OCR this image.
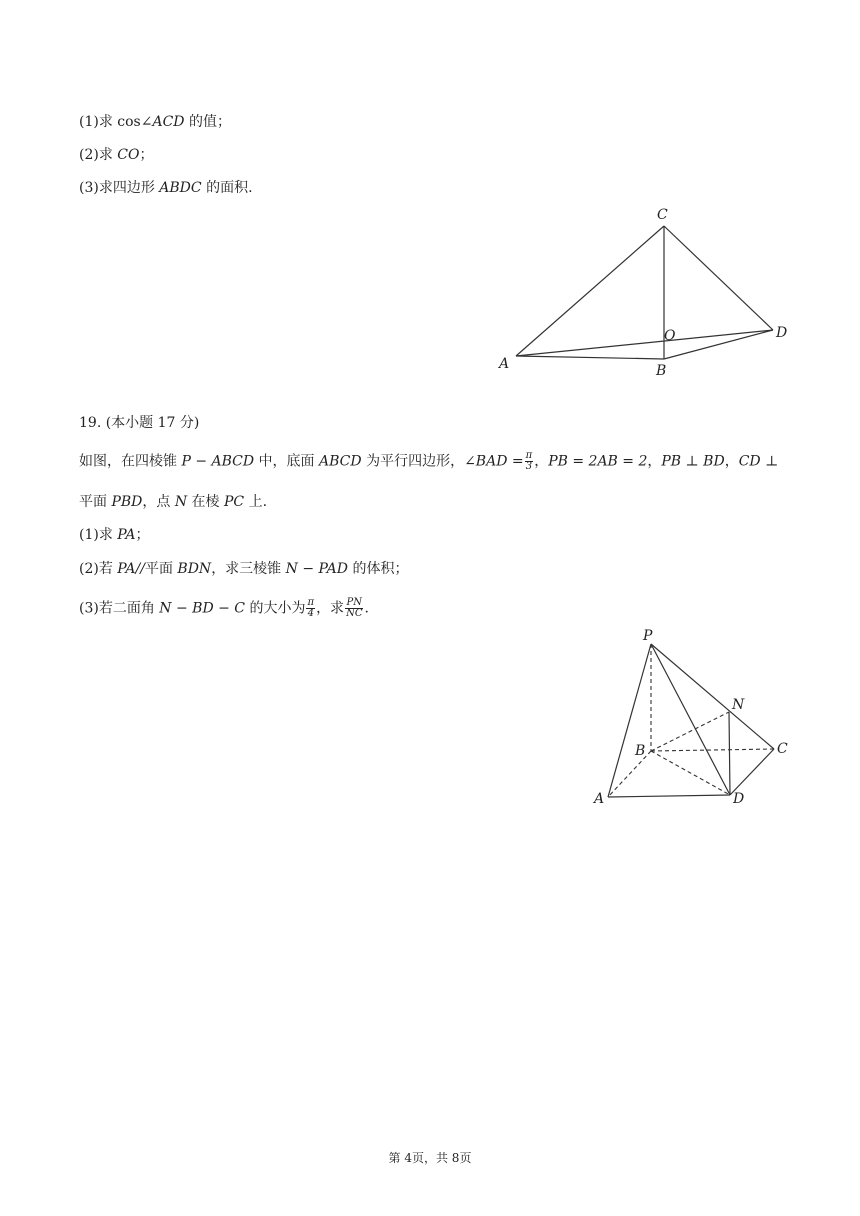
(1)求 cos∠ACD 的值；
(2)求 CO；
(3)求四边形 ABDC 的面积.
C
O	D
A	B
19. (本小题 17 分)
如图，在四棱锥 P − ABCD 中，底面 ABCD 为平行四边形，∠BAD = $\frac{\pi}{3}$ ，PB = 2AB = 2，PB ⊥ BD，CD ⊥
平面 PBD，点 N 在棱 PC 上.
(1)求 PA；
(2)若 PA//平面 BDN，求三棱锥 N − PAD 的体积；
(3)若二面角 N − BD − C 的大小为 $\frac{\pi}{4}$ ，求 $\frac{PN}{NC}$ .
P
N
B	C
A	D
第 4页，共 8页
